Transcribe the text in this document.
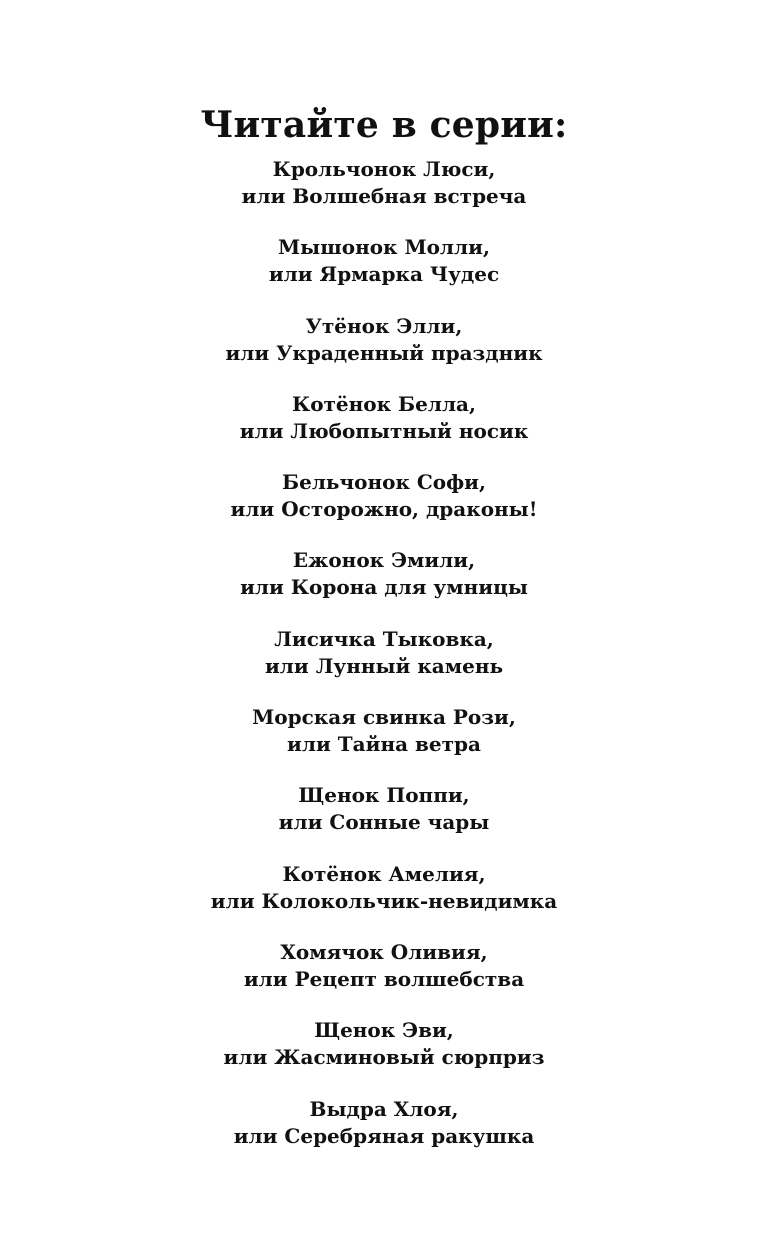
Читайте в серии:
Крольчонок Люси,
или Волшебная встреча
Мышонок Молли,
или Ярмарка Чудес
Утёнок Элли,
или Украденный праздник
Котёнок Белла,
или Любопытный носик
Бельчонок Софи,
или Осторожно, драконы!
Ежонок Эмили,
или Корона для умницы
Лисичка Тыковка,
или Лунный камень
Морская свинка Рози,
или Тайна ветра
Щенок Поппи,
или Сонные чары
Котёнок Амелия,
или Колокольчик-невидимка
Хомячок Оливия,
или Рецепт волшебства
Щенок Эви,
или Жасминовый сюрприз
Выдра Хлоя,
или Серебряная ракушка
